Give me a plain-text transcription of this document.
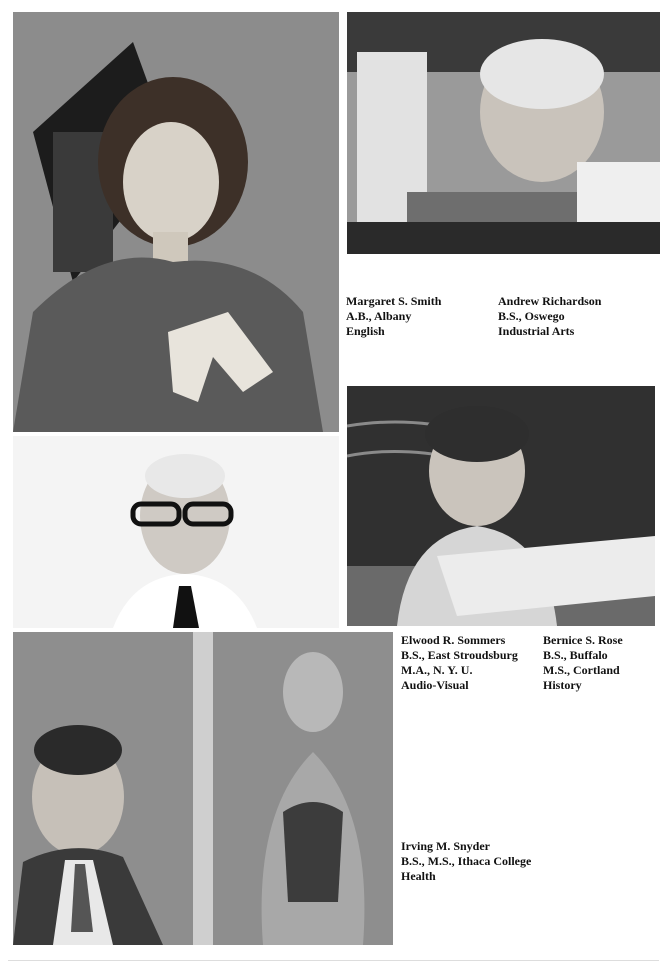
Margaret S. Smith
A.B., Albany
English
Andrew Richardson
B.S., Oswego
Industrial Arts
Elwood R. Sommers
B.S., East Stroudsburg
M.A., N. Y. U.
Audio-Visual
Bernice S. Rose
B.S., Buffalo
M.S., Cortland
History
Irving M. Snyder
B.S., M.S., Ithaca College
Health
